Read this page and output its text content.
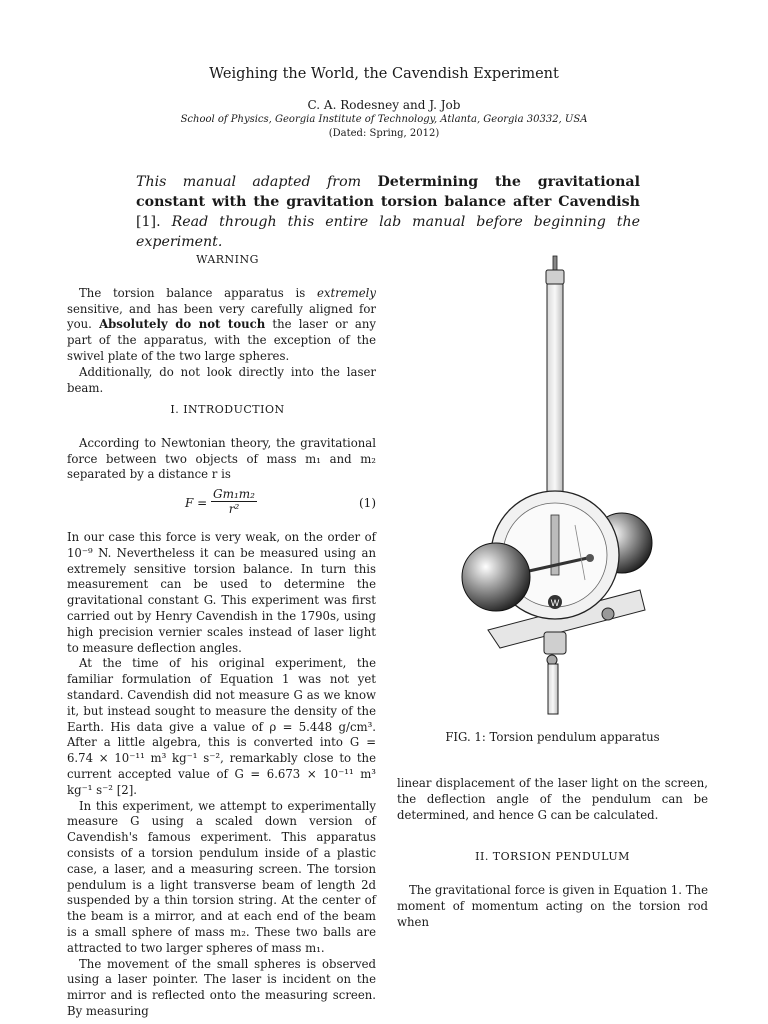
Weighing the World, the Cavendish Experiment
C. A. Rodesney and J. Job
School of Physics, Georgia Institute of Technology, Atlanta, Georgia 30332, USA
(Dated: Spring, 2012)
This manual adapted from Determining the gravitational constant with the gravitation torsion balance after Cavendish [1]. Read through this entire lab manual before beginning the experiment.

WARNING

The torsion balance apparatus is extremely sensitive, and has been very carefully aligned for you. Absolutely do not touch the laser or any part of the apparatus, with the exception of the swivel plate of the two large spheres.

Additionally, do not look directly into the laser beam.

I. INTRODUCTION

According to Newtonian theory, the gravitational force between two objects of mass m₁ and m₂ separated by a distance r is

$F = \frac{\text{Gm₁m₂}}{\text{r²}}$	(1)

In our case this force is very weak, on the order of 10⁻⁹ N. Nevertheless it can be measured using an extremely sensitive torsion balance. In turn this measurement can be used to determine the gravitational constant G. This experiment was first carried out by Henry Cavendish in the 1790s, using high precision vernier scales instead of laser light to measure deflection angles.

At the time of his original experiment, the familiar formulation of Equation 1 was not yet standard. Cavendish did not measure G as we know it, but instead sought to measure the density of the Earth. His data give a value of ρ = 5.448 g/cm³. After a little algebra, this is converted into G = 6.74 × 10⁻¹¹ m³ kg⁻¹ s⁻², remarkably close to the current accepted value of G = 6.673 × 10⁻¹¹ m³ kg⁻¹ s⁻² [2].

In this experiment, we attempt to experimentally measure G using a scaled down version of Cavendish's famous experiment. This apparatus consists of a torsion pendulum inside of a plastic case, a laser, and a measuring screen. The torsion pendulum is a light transverse beam of length 2d suspended by a thin torsion string. At the center of the beam is a mirror, and at each end of the beam is a small sphere of mass m₂. These two balls are attracted to two larger spheres of mass m₁.

The movement of the small spheres is observed using a laser pointer. The laser is incident on the mirror and is reflected onto the measuring screen. By measuring

W
FIG. 1: Torsion pendulum apparatus

linear displacement of the laser light on the screen, the deflection angle of the pendulum can be determined, and hence G can be calculated.

II. TORSION PENDULUM

The gravitational force is given in Equation 1. The moment of momentum acting on the torsion rod when
